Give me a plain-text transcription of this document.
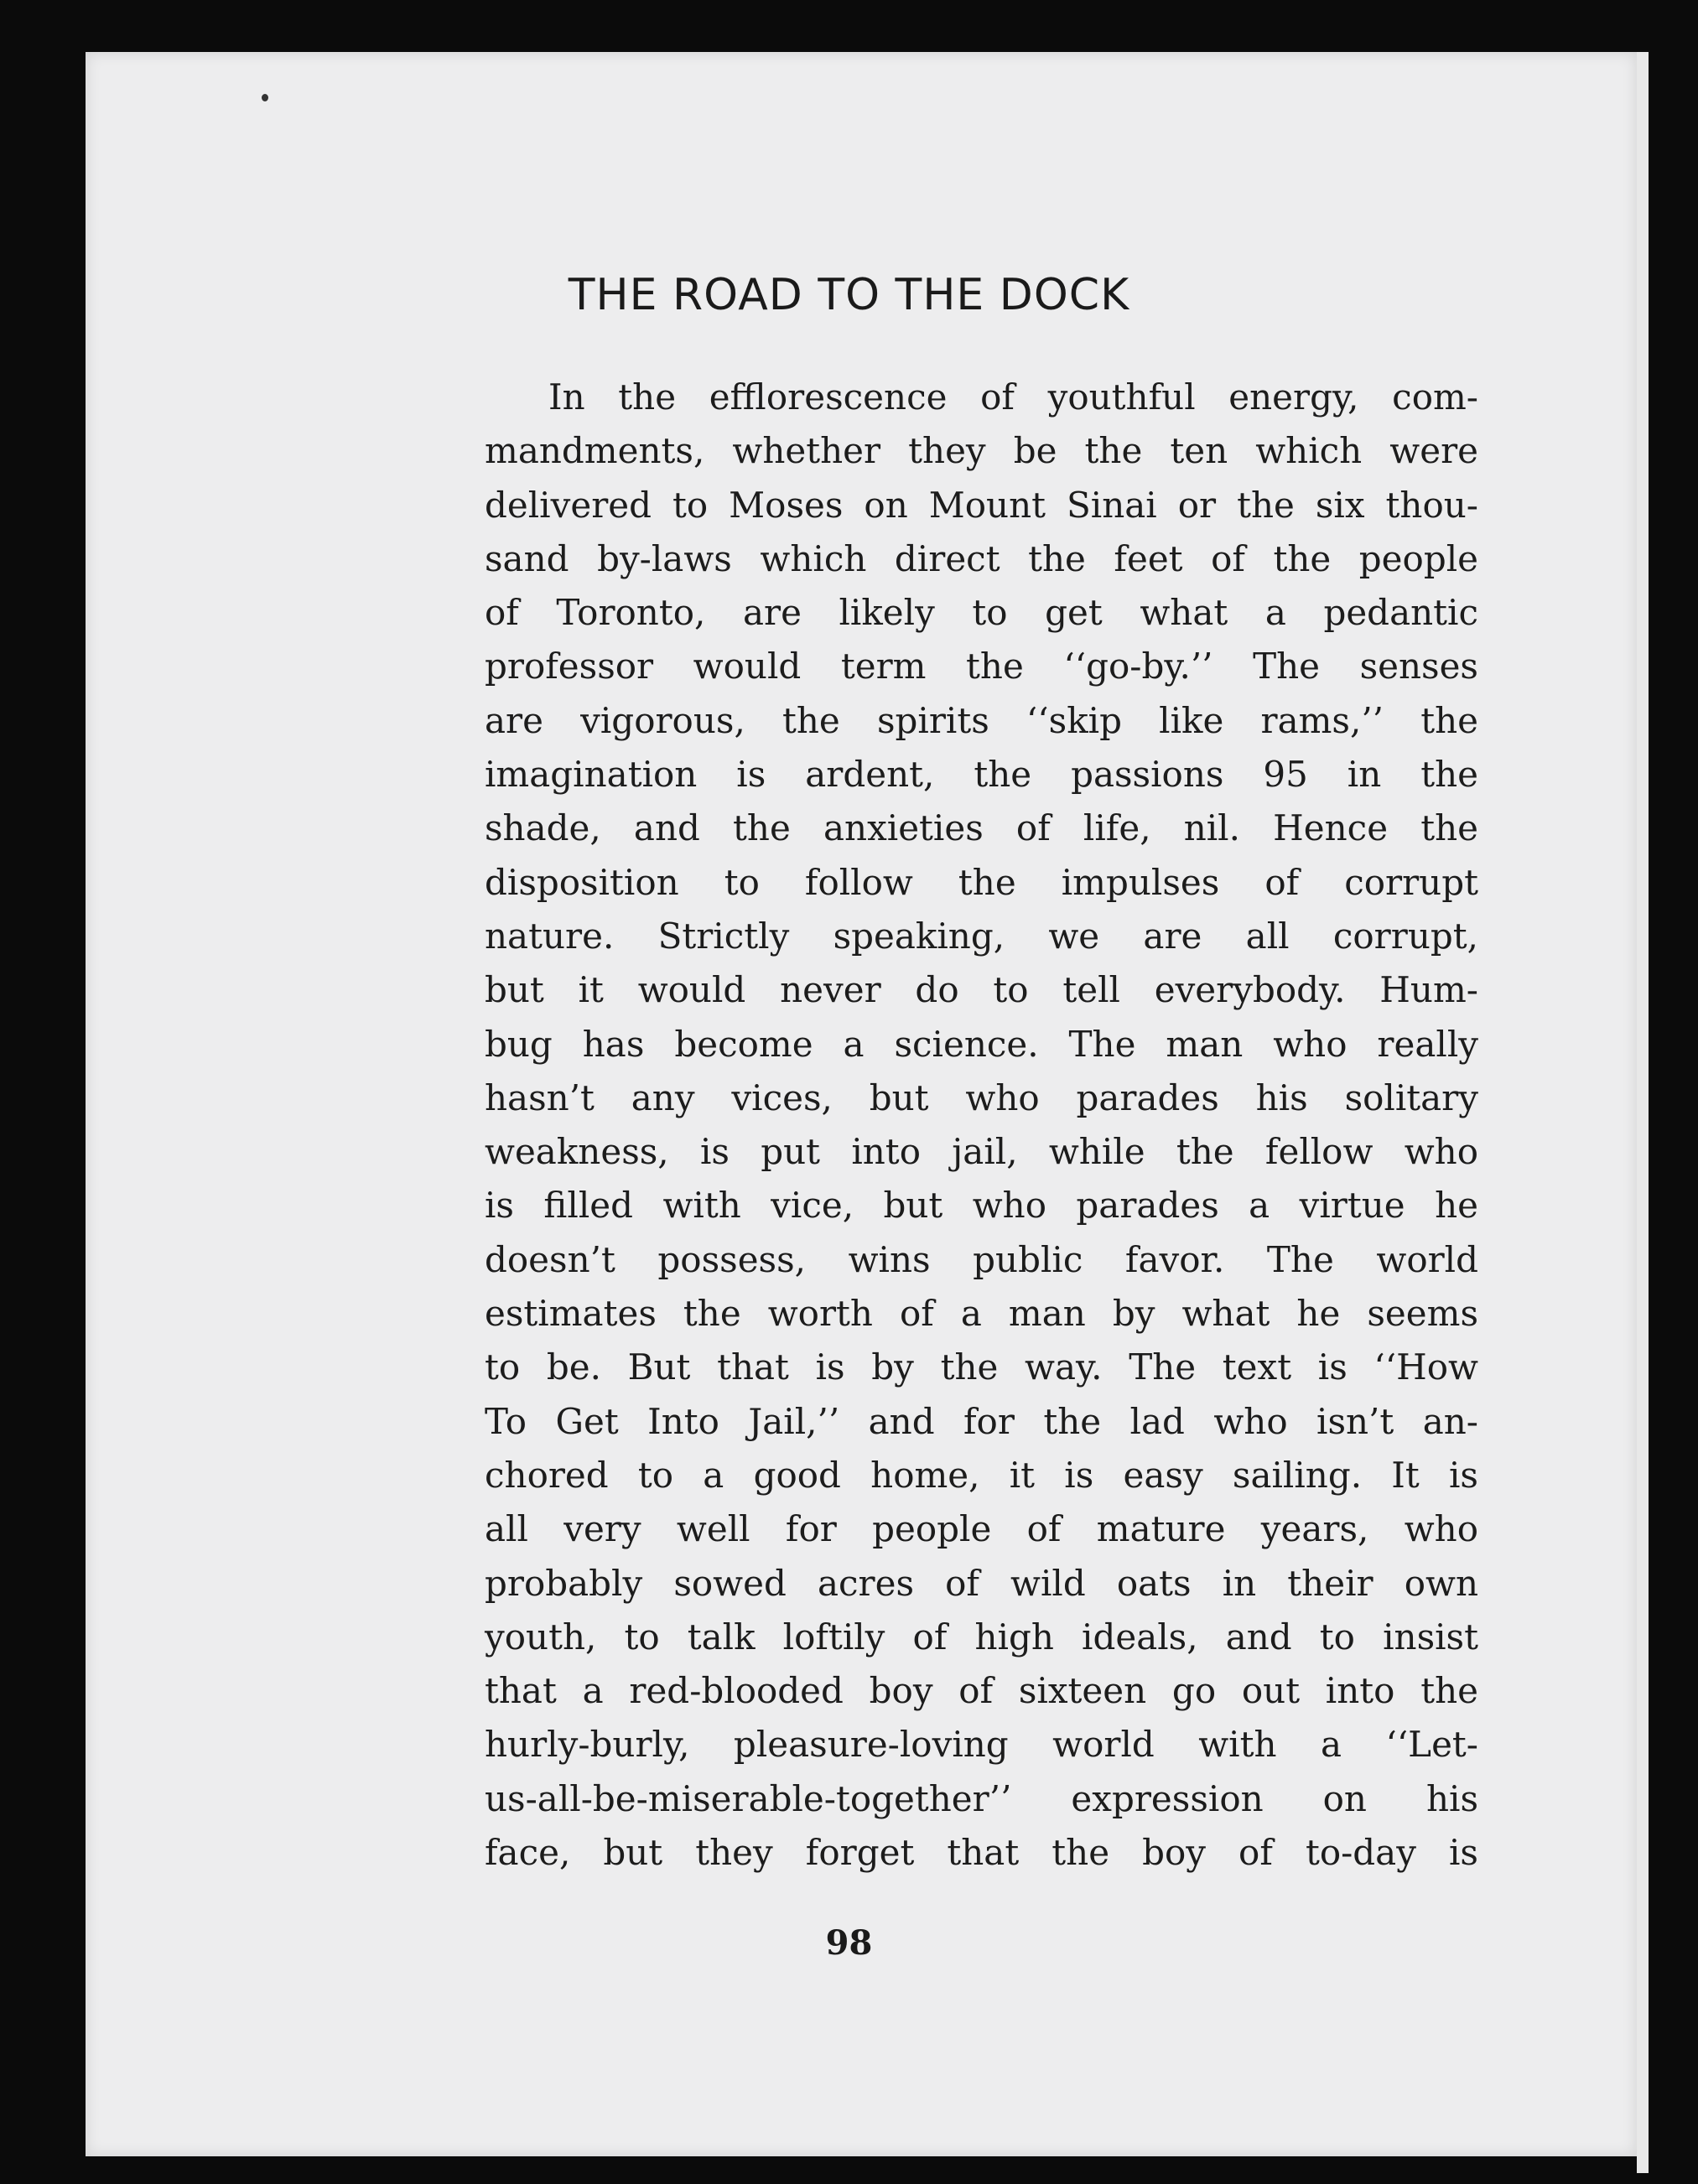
THE ROAD TO THE DOCK
In the efflorescence of youthful energy, com-
mandments, whether they be the ten which were
delivered to Moses on Mount Sinai or the six thou-
sand by-laws which direct the feet of the people
of Toronto, are likely to get what a pedantic
professor would term the ‘‘go-by.’’ The senses
are vigorous, the spirits ‘‘skip like rams,’’ the
imagination is ardent, the passions 95 in the
shade, and the anxieties of life, nil. Hence the
disposition to follow the impulses of corrupt
nature. Strictly speaking, we are all corrupt,
but it would never do to tell everybody. Hum-
bug has become a science. The man who really
hasn’t any vices, but who parades his solitary
weakness, is put into jail, while the fellow who
is filled with vice, but who parades a virtue he
doesn’t possess, wins public favor. The world
estimates the worth of a man by what he seems
to be. But that is by the way. The text is ‘‘How
To Get Into Jail,’’ and for the lad who isn’t an-
chored to a good home, it is easy sailing. It is
all very well for people of mature years, who
probably sowed acres of wild oats in their own
youth, to talk loftily of high ideals, and to insist
that a red-blooded boy of sixteen go out into the
hurly-burly, pleasure-loving world with a ‘‘Let-
us-all-be-miserable-together’’ expression on his
face, but they forget that the boy of to-day is

98
